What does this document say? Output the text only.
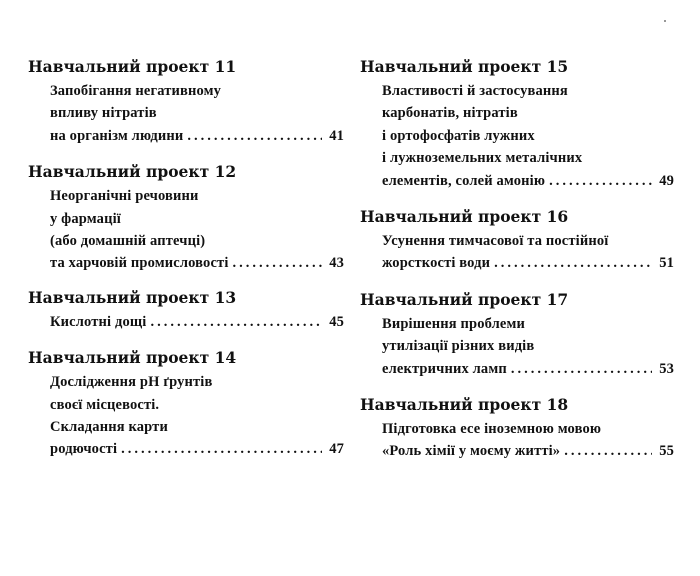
Навчальний проект 11
Запобігання негативному
впливу нітратів
на організм людини .....	41
Навчальний проект 12
Неорганічні речовини
у фармації
(або домашній аптечці)
та харчовій промисловості .....	43
Навчальний проект 13
Кислотні дощі .....	45
Навчальний проект 14
Дослідження pH ґрунтів
своєї місцевості.
Складання карти
родючості .....	47
Навчальний проект 15
Властивості й застосування
карбонатів, нітратів
і ортофосфатів лужних
і лужноземельних металічних
елементів, солей амонію .....	49
Навчальний проект 16
Усунення тимчасової та постійної
жорсткості води .....	51
Навчальний проект 17
Вирішення проблеми
утилізації різних видів
електричних ламп .....	53
Навчальний проект 18
Підготовка есе іноземною мовою
«Роль хімії у моєму житті» .....	55
